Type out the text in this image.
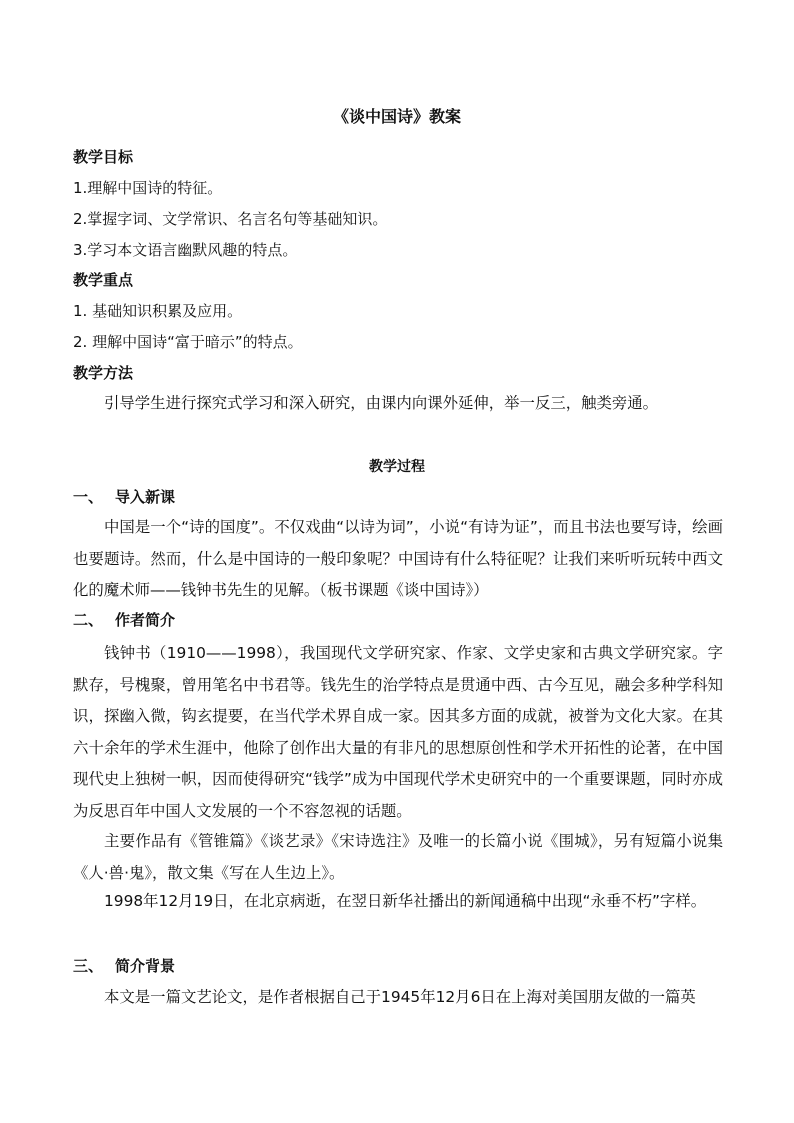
《谈中国诗》教案
教学目标
1.理解中国诗的特征。
2.掌握字词、文学常识、名言名句等基础知识。
3.学习本文语言幽默风趣的特点。
教学重点
1. 基础知识积累及应用。
2. 理解中国诗“富于暗示”的特点。
教学方法
引导学生进行探究式学习和深入研究，由课内向课外延伸，举一反三，触类旁通。
教学过程
一、 导入新课
中国是一个“诗的国度”。不仅戏曲“以诗为词”，小说“有诗为证”，而且书法也要写诗，绘画也要题诗。然而，什么是中国诗的一般印象呢？中国诗有什么特征呢？让我们来听听玩转中西文化的魔术师——钱钟书先生的见解。（板书课题《谈中国诗》）
二、 作者简介
钱钟书（1910——1998），我国现代文学研究家、作家、文学史家和古典文学研究家。字默存，号槐聚，曾用笔名中书君等。钱先生的治学特点是贯通中西、古今互见，融会多种学科知识，探幽入微，钩玄提要，在当代学术界自成一家。因其多方面的成就，被誉为文化大家。在其六十余年的学术生涯中，他除了创作出大量的有非凡的思想原创性和学术开拓性的论著，在中国现代史上独树一帜，因而使得研究“钱学”成为中国现代学术史研究中的一个重要课题，同时亦成为反思百年中国人文发展的一个不容忽视的话题。
主要作品有《管锥篇》《谈艺录》《宋诗选注》及唯一的长篇小说《围城》，另有短篇小说集《人·兽·鬼》，散文集《写在人生边上》。
1998年12月19日，在北京病逝，在翌日新华社播出的新闻通稿中出现“永垂不朽”字样。
三、 简介背景
本文是一篇文艺论文，是作者根据自己于1945年12月6日在上海对美国朋友做的一篇英
